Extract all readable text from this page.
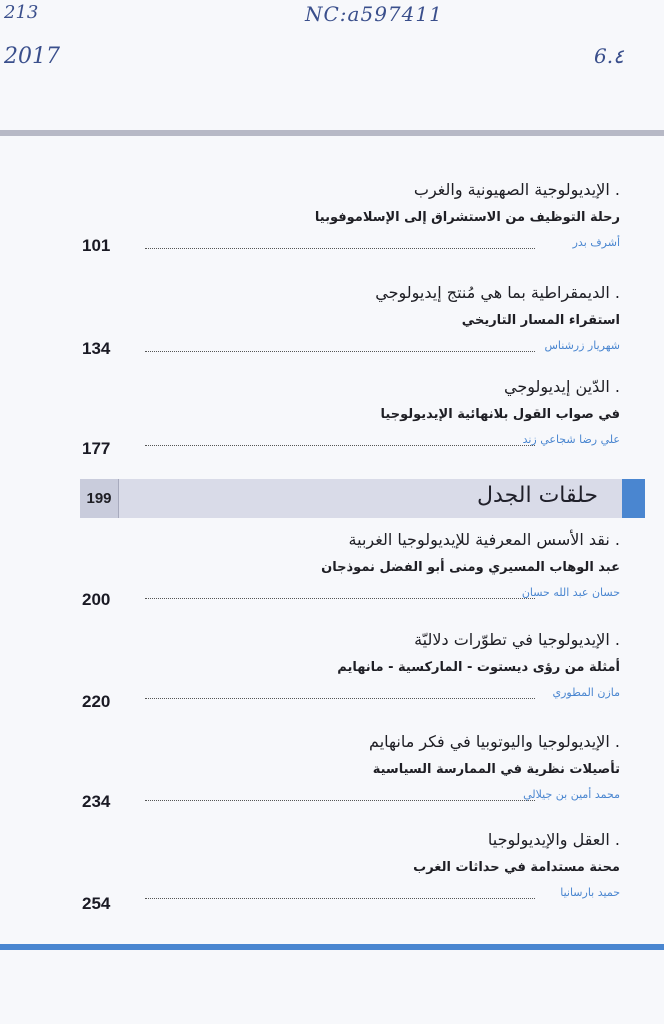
213	NC:a597411
2017	6.٤
. الإيديولوجية الصهيونية والغرب
رحلة التوظيف من الاستشراق إلى الإسلاموفوبيا
أشرف بدر
101
. الديمقراطية بما هي مُنتج إيديولوجي
استقراء المسار التاريخي
شهريار زرشناس
134
. الدّين إيديولوجي
في صواب القول بلانهائية الإيديولوجيا
علي رضا شجاعي زند
177
199	حلقات الجدل
. نقد الأسس المعرفية للإيديولوجيا الغربية
عبد الوهاب المسيري ومنى أبو الفضل نموذجان
حسان عبد الله حسان
200
. الإيديولوجيا في تطوّرات دلاليّة
أمثلة من رؤى ديستوت - الماركسية - مانهايم
مازن المطوري
220
. الإيديولوجيا واليوتوبيا في فكر مانهايم
تأصيلات نظرية في الممارسة السياسية
محمد أمين بن جيلالي
234
. العقل والإيديولوجيا
محنة مستدامة في حداثات الغرب
حميد بارسانيا
254
